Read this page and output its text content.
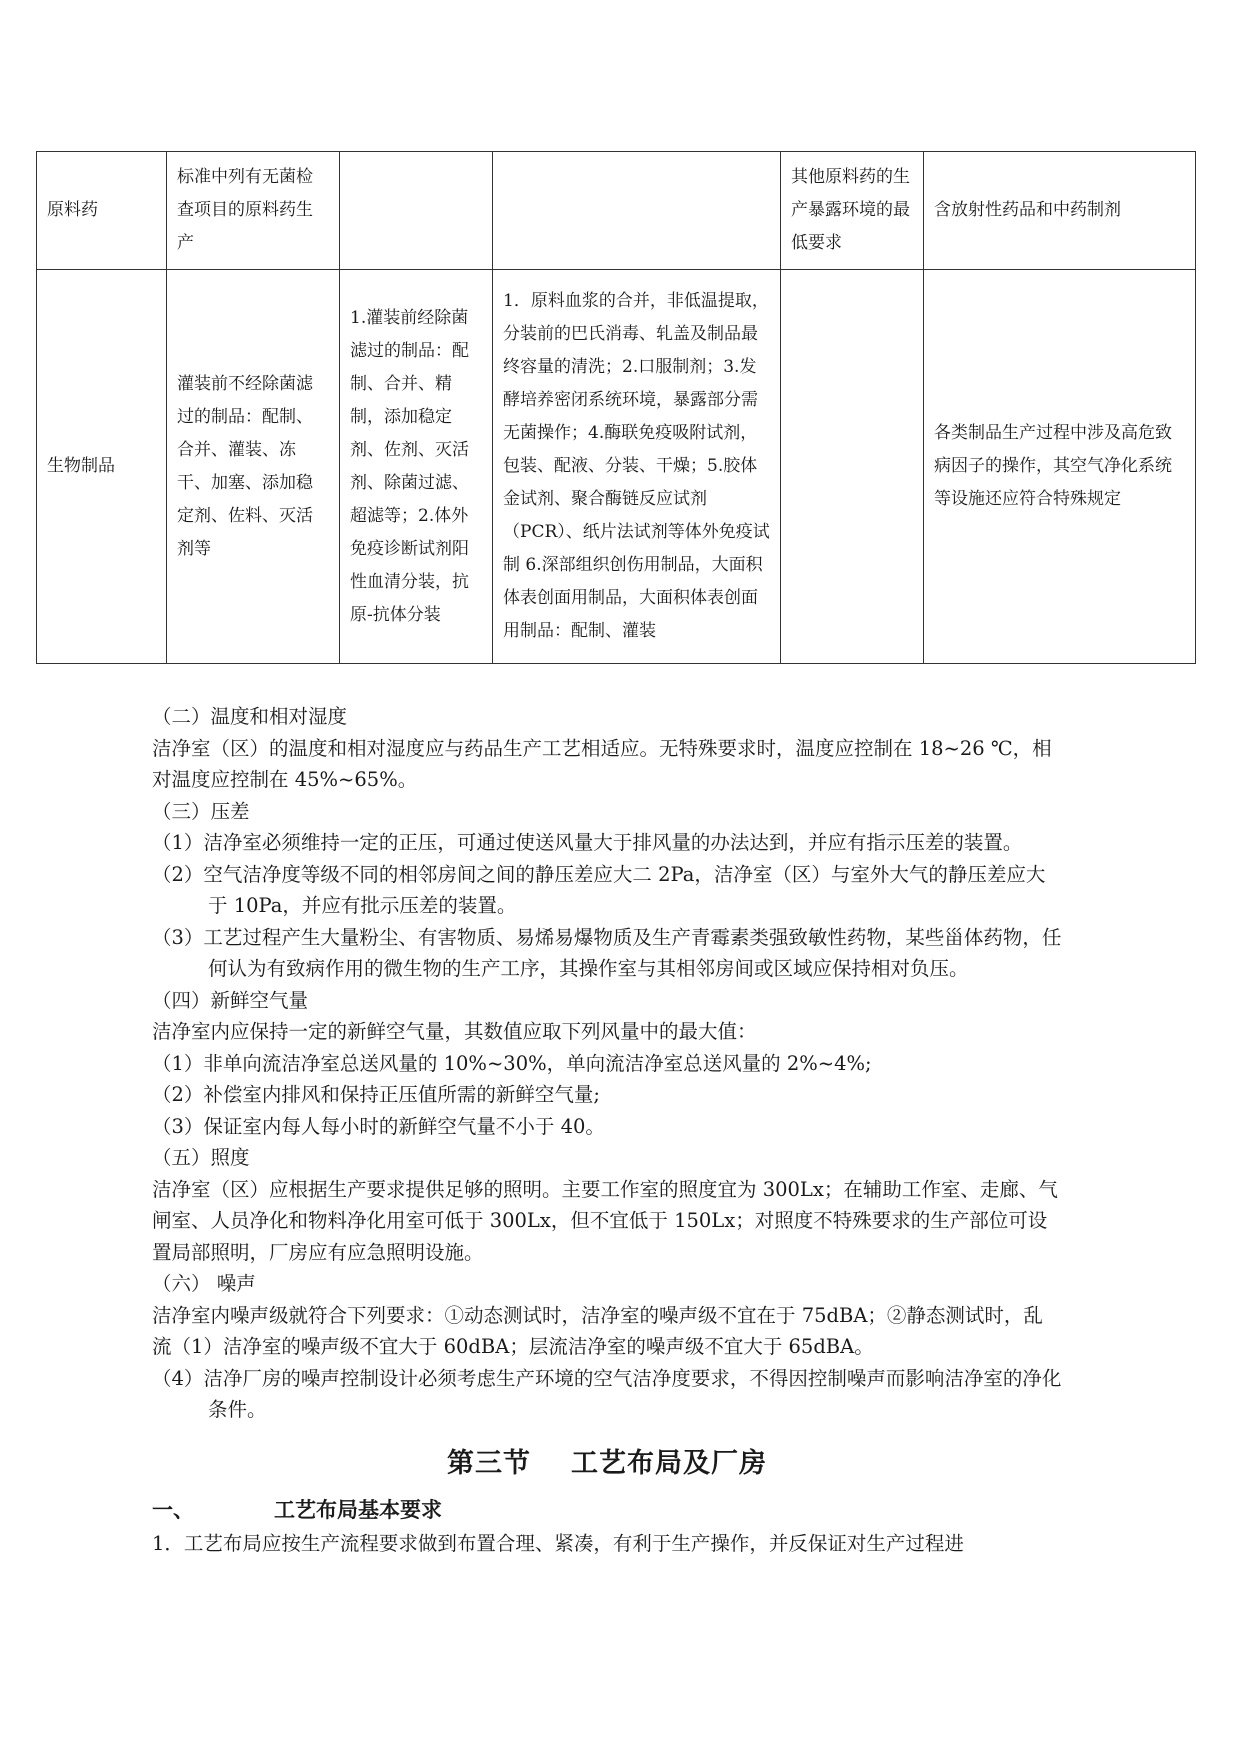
原料药	标准中列有无菌检查项目的原料药生产			其他原料药的生产暴露环境的最低要求	含放射性药品和中药制剂
生物制品	灌装前不经除菌滤过的制品：配制、合并、灌装、冻干、加塞、添加稳定剂、佐料、灭活剂等	1.灌装前经除菌滤过的制品：配制、合并、精制，添加稳定剂、佐剂、灭活剂、除菌过滤、超滤等；2.体外免疫诊断试剂阳性血清分装，抗原-抗体分装	1．原料血浆的合并，非低温提取，分装前的巴氏消毒、轧盖及制品最终容量的清洗；2.口服制剂；3.发酵培养密闭系统环境，暴露部分需无菌操作；4.酶联免疫吸附试剂，包装、配液、分装、干燥；5.胶体金试剂、聚合酶链反应试剂（PCR）、纸片法试剂等体外免疫试制 6.深部组织创伤用制品，大面积体表创面用制品，大面积体表创面用制品：配制、灌装		各类制品生产过程中涉及高危致病因子的操作，其空气净化系统等设施还应符合特殊规定

（二）温度和相对湿度

洁净室（区）的温度和相对湿度应与药品生产工艺相适应。无特殊要求时，温度应控制在 18~26 ℃，相对温度应控制在 45%~65%。

（三）压差

（1）洁净室必须维持一定的正压，可通过使送风量大于排风量的办法达到，并应有指示压差的装置。

（2）空气洁净度等级不同的相邻房间之间的静压差应大二 2Pa，洁净室（区）与室外大气的静压差应大于 10Pa，并应有批示压差的装置。

（3）工艺过程产生大量粉尘、有害物质、易烯易爆物质及生产青霉素类强致敏性药物，某些甾体药物，任何认为有致病作用的微生物的生产工序，其操作室与其相邻房间或区域应保持相对负压。

（四）新鲜空气量

洁净室内应保持一定的新鲜空气量，其数值应取下列风量中的最大值：

（1）非单向流洁净室总送风量的 10%~30%，单向流洁净室总送风量的 2%~4%;

（2）补偿室内排风和保持正压值所需的新鲜空气量;

（3）保证室内每人每小时的新鲜空气量不小于 40。

（五）照度

洁净室（区）应根据生产要求提供足够的照明。主要工作室的照度宜为 300Lx；在辅助工作室、走廊、气闸室、人员净化和物料净化用室可低于 300Lx，但不宜低于 150Lx；对照度不特殊要求的生产部位可设置局部照明，厂房应有应急照明设施。

（六） 噪声

洁净室内噪声级就符合下列要求：①动态测试时，洁净室的噪声级不宜在于 75dBA；②静态测试时，乱流（1）洁净室的噪声级不宜大于 60dBA；层流洁净室的噪声级不宜大于 65dBA。

（4）洁净厂房的噪声控制设计必须考虑生产环境的空气洁净度要求，不得因控制噪声而影响洁净室的净化条件。

第三节 工艺布局及厂房

一、	工艺布局基本要求

1．工艺布局应按生产流程要求做到布置合理、紧凑，有利于生产操作，并反保证对生产过程进
